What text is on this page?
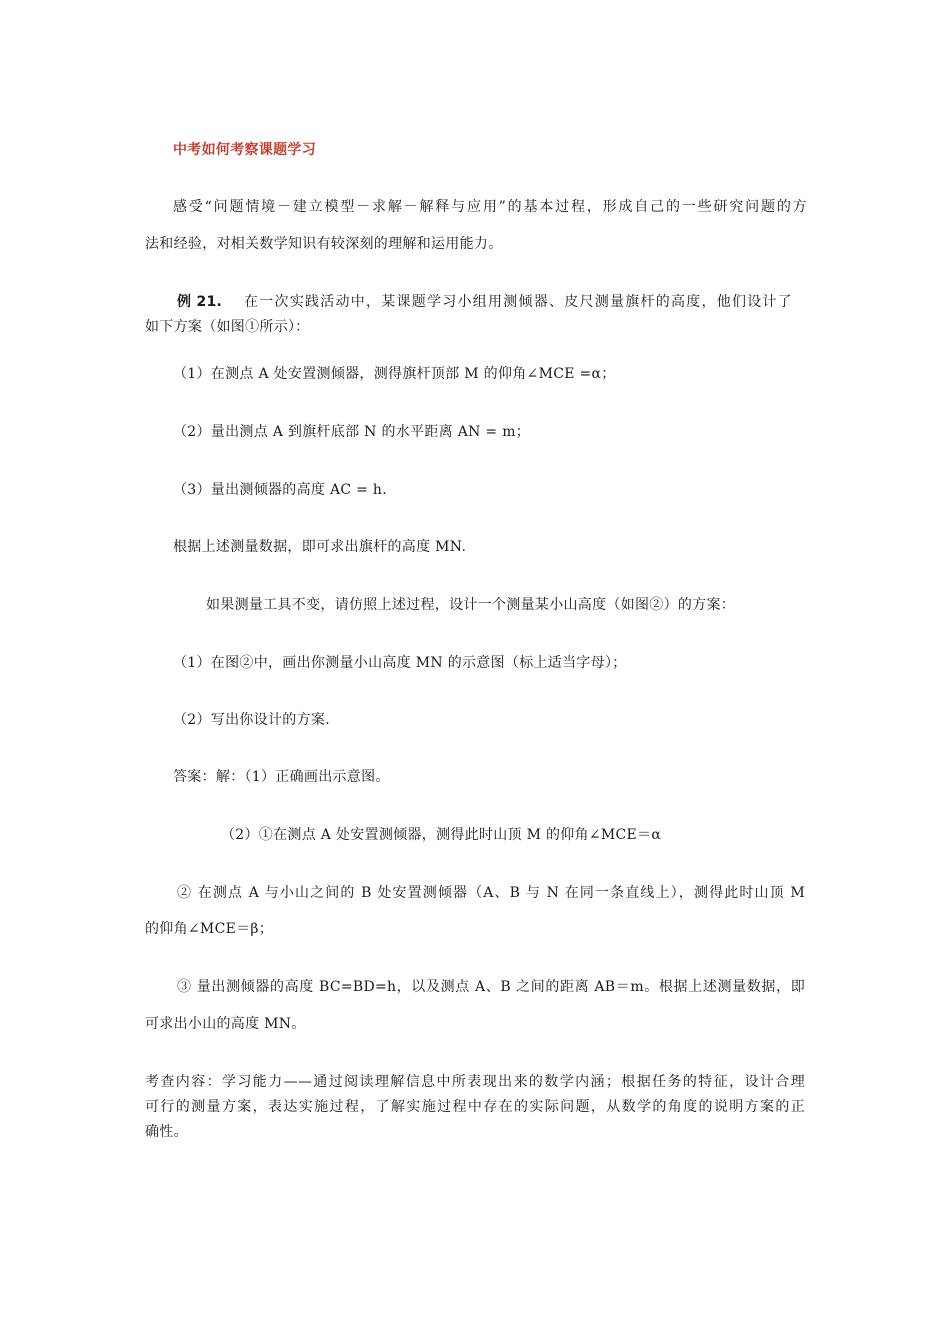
中考如何考察课题学习
感受“问题情境－建立模型－求解－解释与应用”的基本过程，形成自己的一些研究问题的方
法和经验，对相关数学知识有较深刻的理解和运用能力。
例 21. 在一次实践活动中，某课题学习小组用测倾器、皮尺测量旗杆的高度，他们设计了
如下方案（如图①所示）：
（1）在测点 A 处安置测倾器，测得旗杆顶部 M 的仰角∠MCE =α；
（2）量出测点 A 到旗杆底部 N 的水平距离 AN = m；
（3）量出测倾器的高度 AC = h.
根据上述测量数据，即可求出旗杆的高度 MN.
如果测量工具不变，请仿照上述过程，设计一个测量某小山高度（如图②）的方案：
（1）在图②中，画出你测量小山高度 MN 的示意图（标上适当字母）；
（2）写出你设计的方案.
答案：解：（1）正确画出示意图。
（2）①在测点 A 处安置测倾器，测得此时山顶 M 的仰角∠MCE＝α
② 在测点 A 与小山之间的 B 处安置测倾器（A、B 与 N 在同一条直线上），测得此时山顶 M
的仰角∠MCE＝β；
③ 量出测倾器的高度 BC=BD=h，以及测点 A、B 之间的距离 AB＝m。根据上述测量数据，即
可求出小山的高度 MN。
考查内容：学习能力——通过阅读理解信息中所表现出来的数学内涵；根据任务的特征，设计合理
可行的测量方案，表达实施过程，了解实施过程中存在的实际问题，从数学的角度的说明方案的正
确性。
